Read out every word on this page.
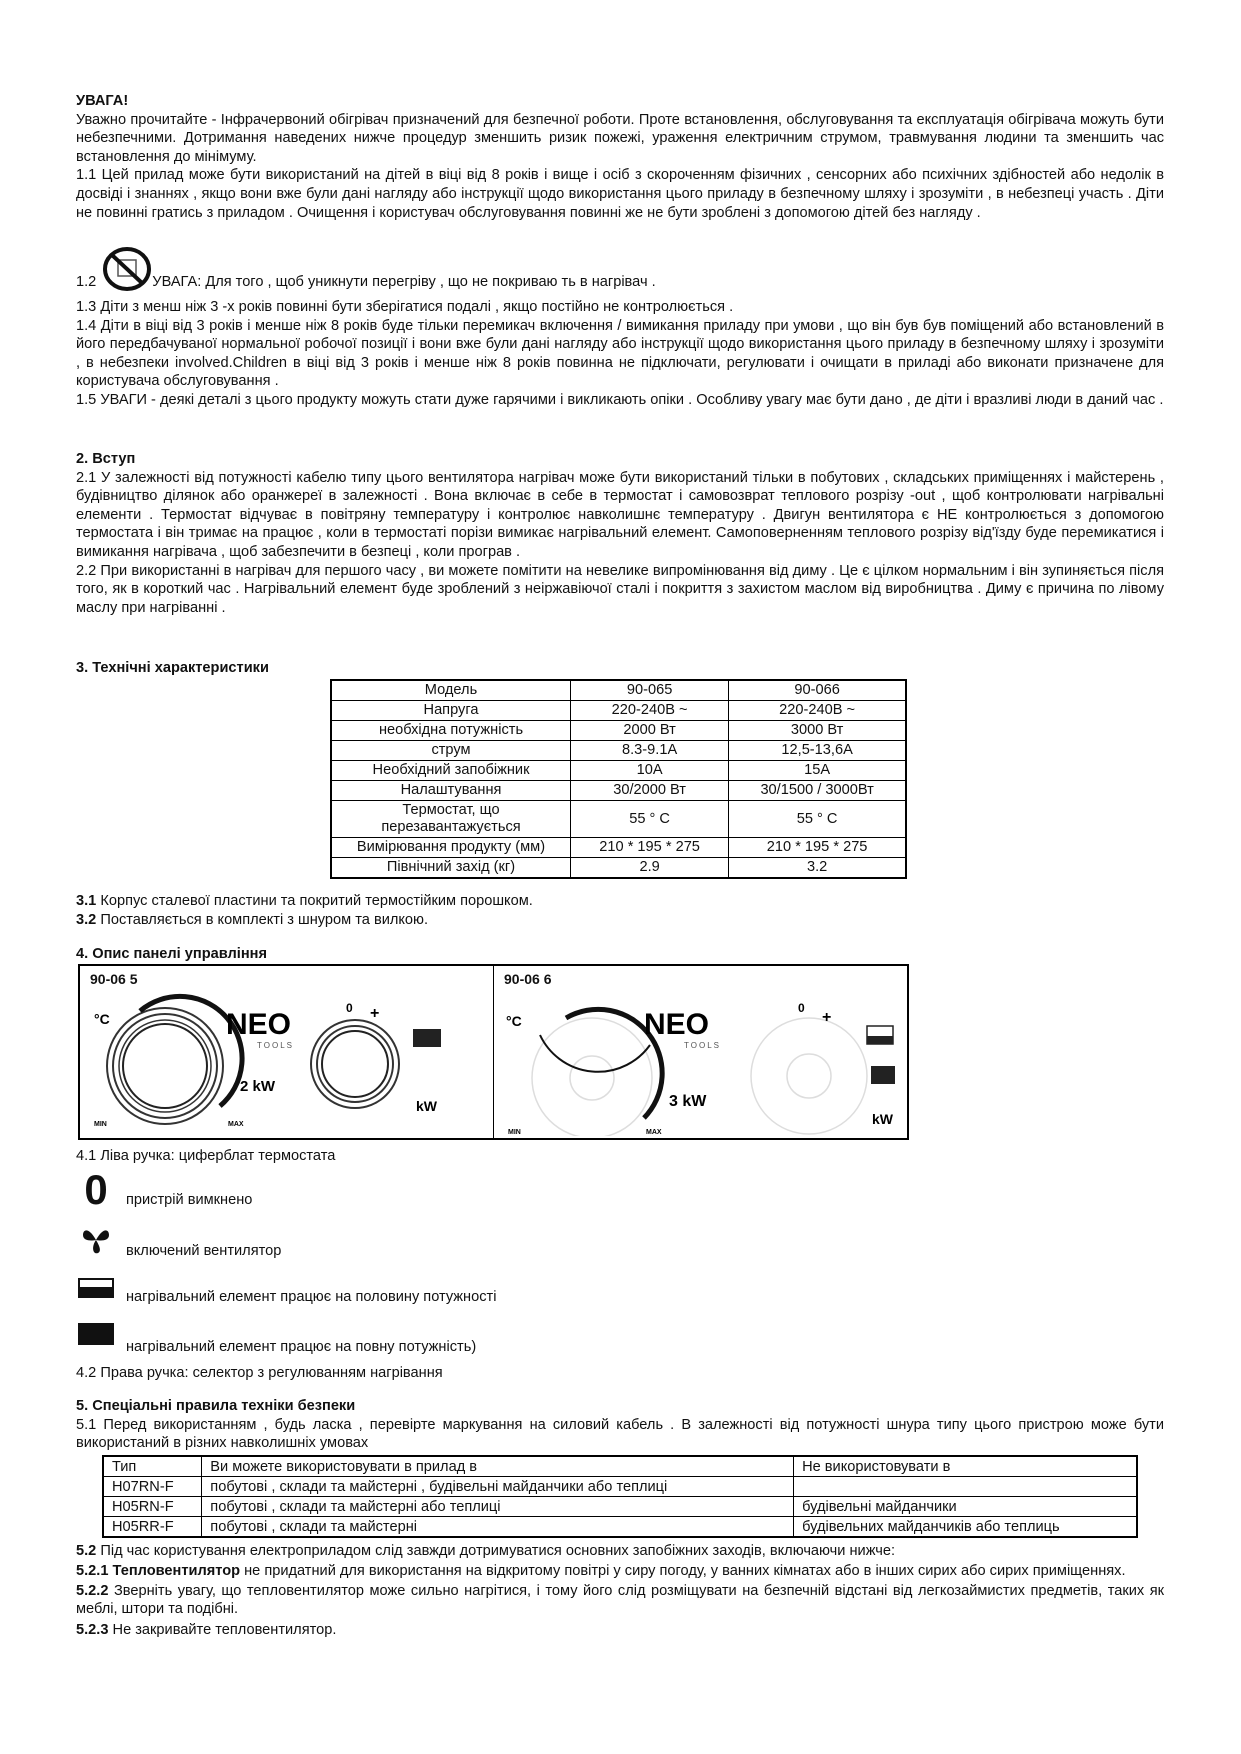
УВАГА!

Уважно прочитайте - Інфрачервоний обігрівач призначений для безпечної роботи. Проте встановлення, обслуговування та експлуатація обігрівача можуть бути небезпечними. Дотримання наведених нижче процедур зменшить ризик пожежі, ураження електричним струмом, травмування людини та зменшить час встановлення до мінімуму.

1.1 Цей прилад може бути використаний на дітей в віці від 8 років і вище і осіб з скороченням фізичних , сенсорних або психічних здібностей або недолік в досвіді і знаннях , якщо вони вже були дані нагляду або інструкції щодо використання цього приладу в безпечному шляху і зрозуміти , в небезпеці участь . Діти не повинні гратись з приладом . Очищення і користувач обслуговування повинні же не бути зроблені з допомогою дітей без нагляду .

1.2	УВАГА: Для того , щоб уникнути перегріву , що не покриваю ть в нагрівач .

1.3 Діти з менш ніж 3 -х років повинні бути зберігатися подалі , якщо постійно не контролюється .

1.4 Діти в віці від 3 років і менше ніж 8 років буде тільки перемикач включення / вимикання приладу при умови , що він був був поміщений або встановлений в його передбачуваної нормальної робочої позиції і вони вже були дані нагляду або інструкції щодо використання цього приладу в безпечному шляху і зрозуміти , в небезпеки involved.Children в віці від 3 років і менше ніж 8 років повинна не підключати, регулювати і очищати в приладі або виконати призначене для користувача обслуговування .

1.5 УВАГИ - деякі деталі з цього продукту можуть стати дуже гарячими і викликають опіки . Особливу увагу має бути дано , де діти і вразливі люди в даний час .

2. Вступ

2.1 У залежності від потужності кабелю типу цього вентилятора нагрівач може бути використаний тільки в побутових , складських приміщеннях і майстерень , будівництво ділянок або оранжереї в залежності . Вона включає в себе в термостат і самовозврат теплового розрізу -out , щоб контролювати нагрівальні елементи . Термостат відчуває в повітряну температуру і контролює навколишнє температуру . Двигун вентилятора є НЕ контролюється з допомогою термостата і він тримає на працює , коли в термостаті порізи вимикає нагрівальний елемент. Самоповерненням теплового розрізу від'їзду буде перемикатися і вимикання нагрівача , щоб забезпечити в безпеці , коли програв .

2.2 При використанні в нагрівач для першого часу , ви можете помітити на невелике випромінювання від диму . Це є цілком нормальним і він зупиняється після того, як в короткий час . Нагрівальний елемент буде зроблений з неіржавіючої сталі і покриття з захистом маслом від виробництва . Диму є причина по лівому маслу при нагріванні .

3. Технічні характеристики

Модель	90-065	90-066
Напруга	220-240В ~	220-240В ~
необхідна потужність	2000 Вт	3000 Вт
струм	8.3-9.1A	12,5-13,6A
Необхідний запобіжник	10A	15A
Налаштування	30/2000 Вт	30/1500 / 3000Вт
Термостат, що перезавантажується	55 ° C	55 ° C
Вимірювання продукту (мм)	210 * 195 * 275	210 * 195 * 275
Північний захід (кг)	2.9	3.2

3.1 Корпус сталевої пластини та покритий термостійким порошком.

3.2 Поставляється в комплекті з шнуром та вилкою.

4. Опис панелі управління

90-06 5
°C
MIN	MAX
NEO
TOOLS
2 kW
0 +
kW
90-06 6
°C
MIN	MAX
NEO
TOOLS
3 kW
0
+
kW

4.1 Ліва ручка: циферблат термостата

0 пристрій вимкнено
включений вентилятор
нагрівальний елемент працює на половину потужності
нагрівальний елемент працює на повну потужність)

4.2 Права ручка: селектор з регулюванням нагрівання

5. Спеціальні правила техніки безпеки

5.1 Перед використанням , будь ласка , перевірте маркування на силовий кабель . В залежності від потужності шнура типу цього пристрою може бути використаний в різних навколишніх умовах

Тип	Ви можете використовувати в прилад в	Не використовувати в
H07RN-F	побутові , склади та майстерні , будівельні майданчики або теплиці	
H05RN-F	побутові , склади та майстерні або теплиці	будівельні майданчики
H05RR-F	побутові , склади та майстерні	будівельних майданчиків або теплиць

5.2 Під час користування електроприладом слід завжди дотримуватися основних запобіжних заходів, включаючи нижче:

5.2.1 Тепловентилятор не придатний для використання на відкритому повітрі у сиру погоду, у ванних кімнатах або в інших сирих або сирих приміщеннях.

5.2.2 Зверніть увагу, що тепловентилятор може сильно нагрітися, і тому його слід розміщувати на безпечній відстані від легкозаймистих предметів, таких як меблі, штори та подібні.

5.2.3 Не закривайте тепловентилятор.
